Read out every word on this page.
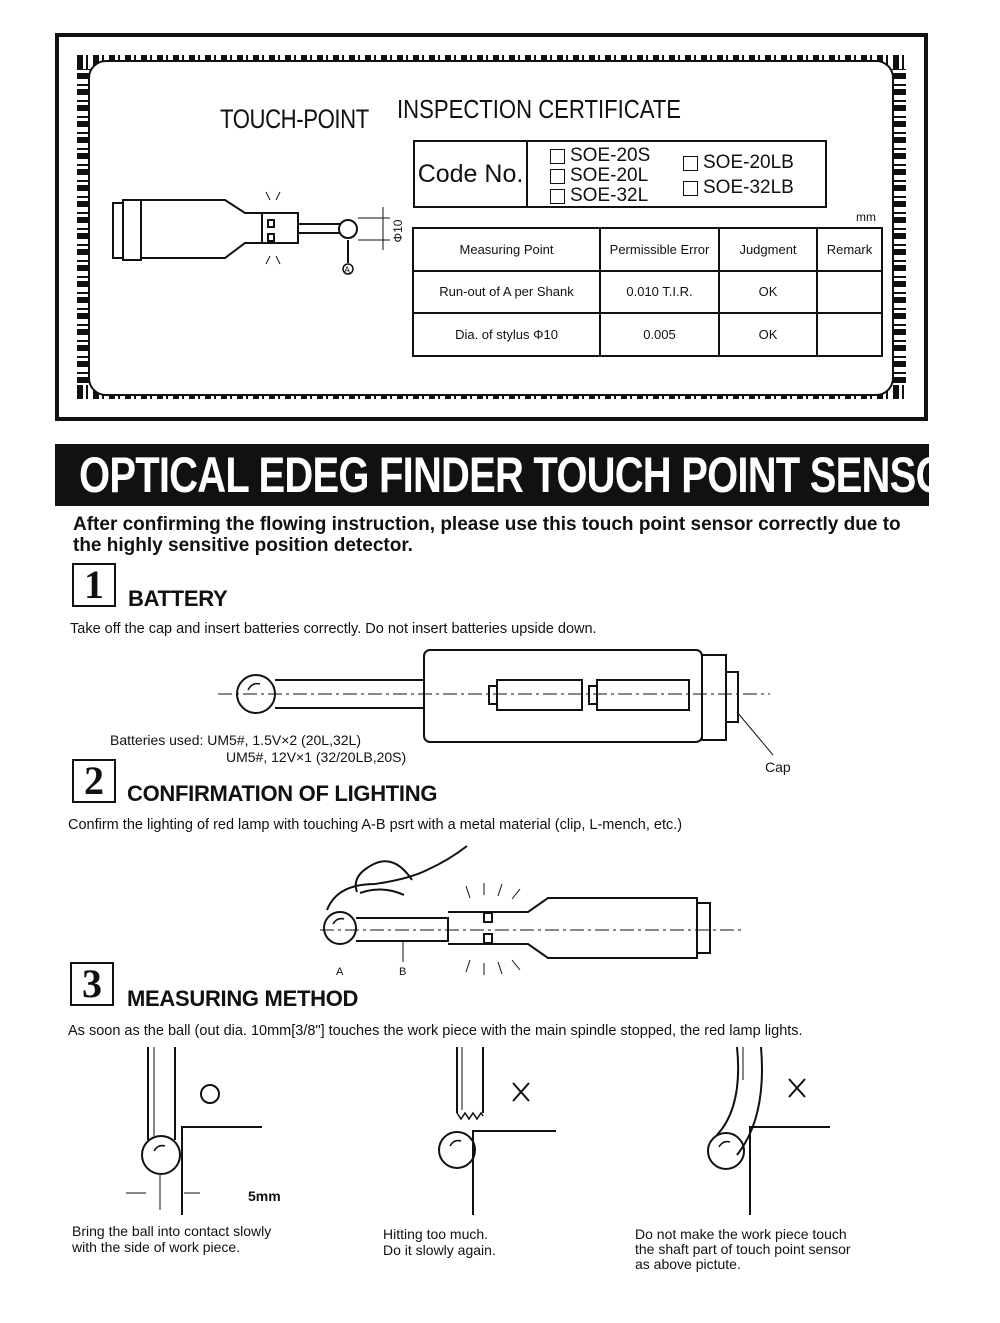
TOUCH-POINT INSPECTION CERTIFICATE
Code No.
SOE-20S
SOE-20L
SOE-32L
SOE-20LB
SOE-32LB
mm
Measuring Point	Permissible Error	Judgment	Remark
Run-out of A per Shank	0.010 T.I.R.	OK	
Dia. of stylus Φ10	0.005	OK	
Φ10
A
OPTICAL EDEG FINDER TOUCH POINT SENSOR
After confirming the flowing instruction, please use this touch point sensor correctly due to the highly sensitive position detector.
1	BATTERY
Take off the cap and insert batteries correctly. Do not insert batteries upside down.
Batteries used: UM5#, 1.5V×2 (20L,32L)
UM5#, 12V×1 (32/20LB,20S)
Cap
2	CONFIRMATION OF LIGHTING
Confirm the lighting of red lamp with touching A-B psrt with a metal material (clip, L-mench, etc.)
A	B
3	MEASURING METHOD
As soon as the ball (out dia. 10mm[3/8"] touches the work piece with the main spindle stopped, the red lamp lights.
5mm
Bring the ball into contact slowly
with the side of work piece.
Hitting too much.
Do it slowly again.
Do not make the work piece touch
the shaft part of touch point sensor
as above pictute.
